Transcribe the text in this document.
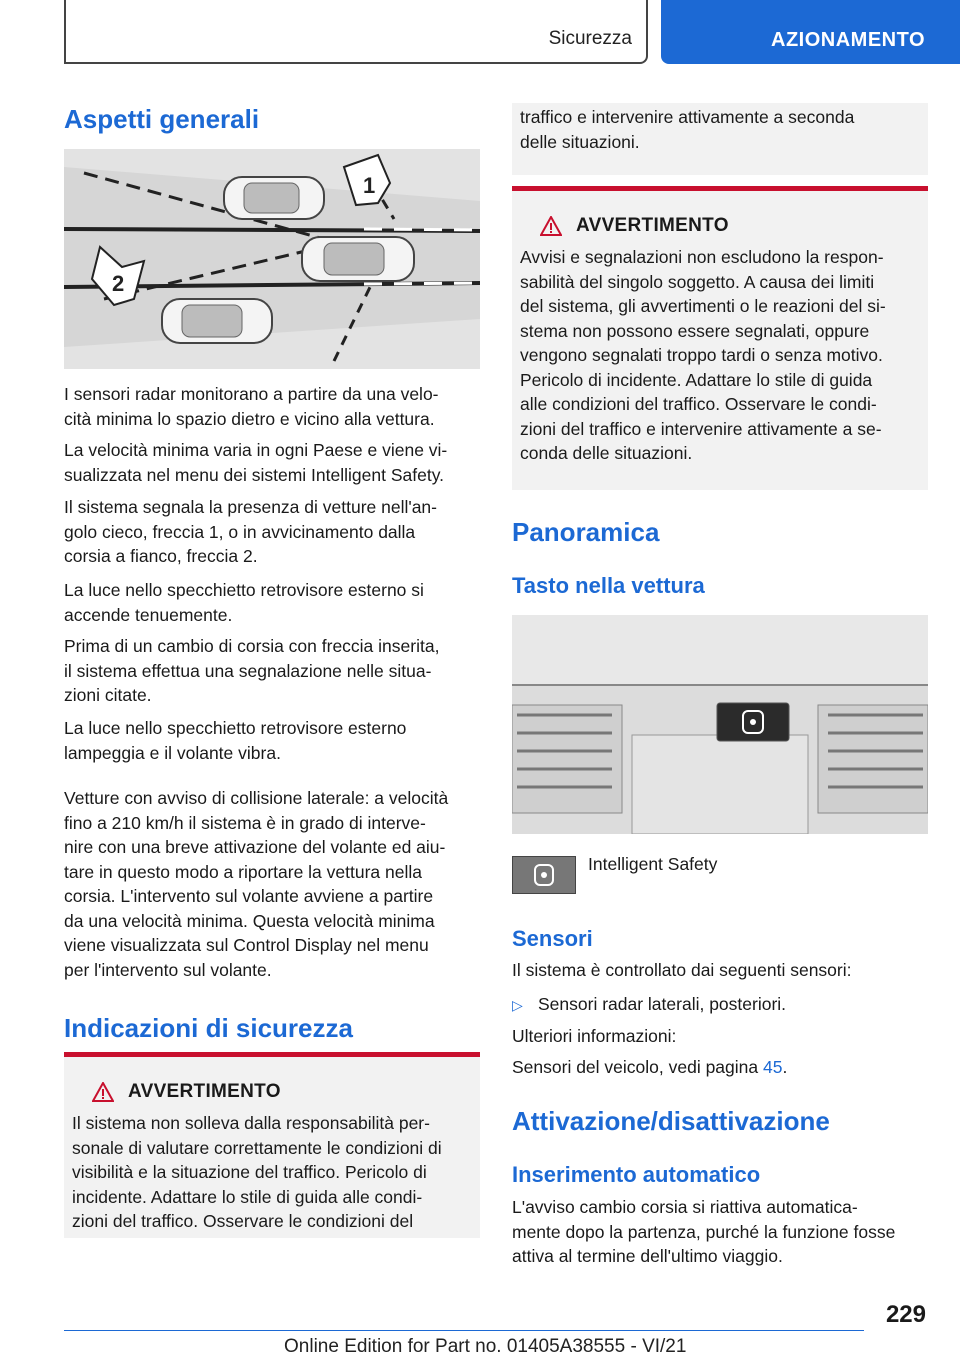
Sicurezza	AZIONAMENTO
Aspetti generali
1
2

I sensori radar monitorano a partire da una velo-
cità minima lo spazio dietro e vicino alla vettura.

La velocità minima varia in ogni Paese e viene vi-
sualizzata nel menu dei sistemi Intelligent Safety.

Il sistema segnala la presenza di vetture nell'an-
golo cieco, freccia 1, o in avvicinamento dalla
corsia a fianco, freccia 2.

La luce nello specchietto retrovisore esterno si
accende tenuemente.

Prima di un cambio di corsia con freccia inserita,
il sistema effettua una segnalazione nelle situa-
zioni citate.

La luce nello specchietto retrovisore esterno
lampeggia e il volante vibra.

Vetture con avviso di collisione laterale: a velocità
fino a 210 km/h il sistema è in grado di interve-
nire con una breve attivazione del volante ed aiu-
tare in questo modo a riportare la vettura nella
corsia. L'intervento sul volante avviene a partire
da una velocità minima. Questa velocità minima
viene visualizzata sul Control Display nel menu
per l'intervento sul volante.

Indicazioni di sicurezza
AVVERTIMENTO

Il sistema non solleva dalla responsabilità per-
sonale di valutare correttamente le condizioni di
visibilità e la situazione del traffico. Pericolo di
incidente. Adattare lo stile di guida alle condi-
zioni del traffico. Osservare le condizioni del

traffico e intervenire attivamente a seconda
delle situazioni.

AVVERTIMENTO

Avvisi e segnalazioni non escludono la respon-
sabilità del singolo soggetto. A causa dei limiti
del sistema, gli avvertimenti o le reazioni del si-
stema non possono essere segnalati, oppure
vengono segnalati troppo tardi o senza motivo.
Pericolo di incidente. Adattare lo stile di guida
alle condizioni del traffico. Osservare le condi-
zioni del traffico e intervenire attivamente a se-
conda delle situazioni.

Panoramica
Tasto nella vettura

Intelligent Safety

Sensori

Il sistema è controllato dai seguenti sensori:

▷ Sensori radar laterali, posteriori.

Ulteriori informazioni:

Sensori del veicolo, vedi pagina 45.

Attivazione/disattivazione
Inserimento automatico

L'avviso cambio corsia si riattiva automatica-
mente dopo la partenza, purché la funzione fosse
attiva al termine dell'ultimo viaggio.

229
Online Edition for Part no. 01405A38555 - VI/21
